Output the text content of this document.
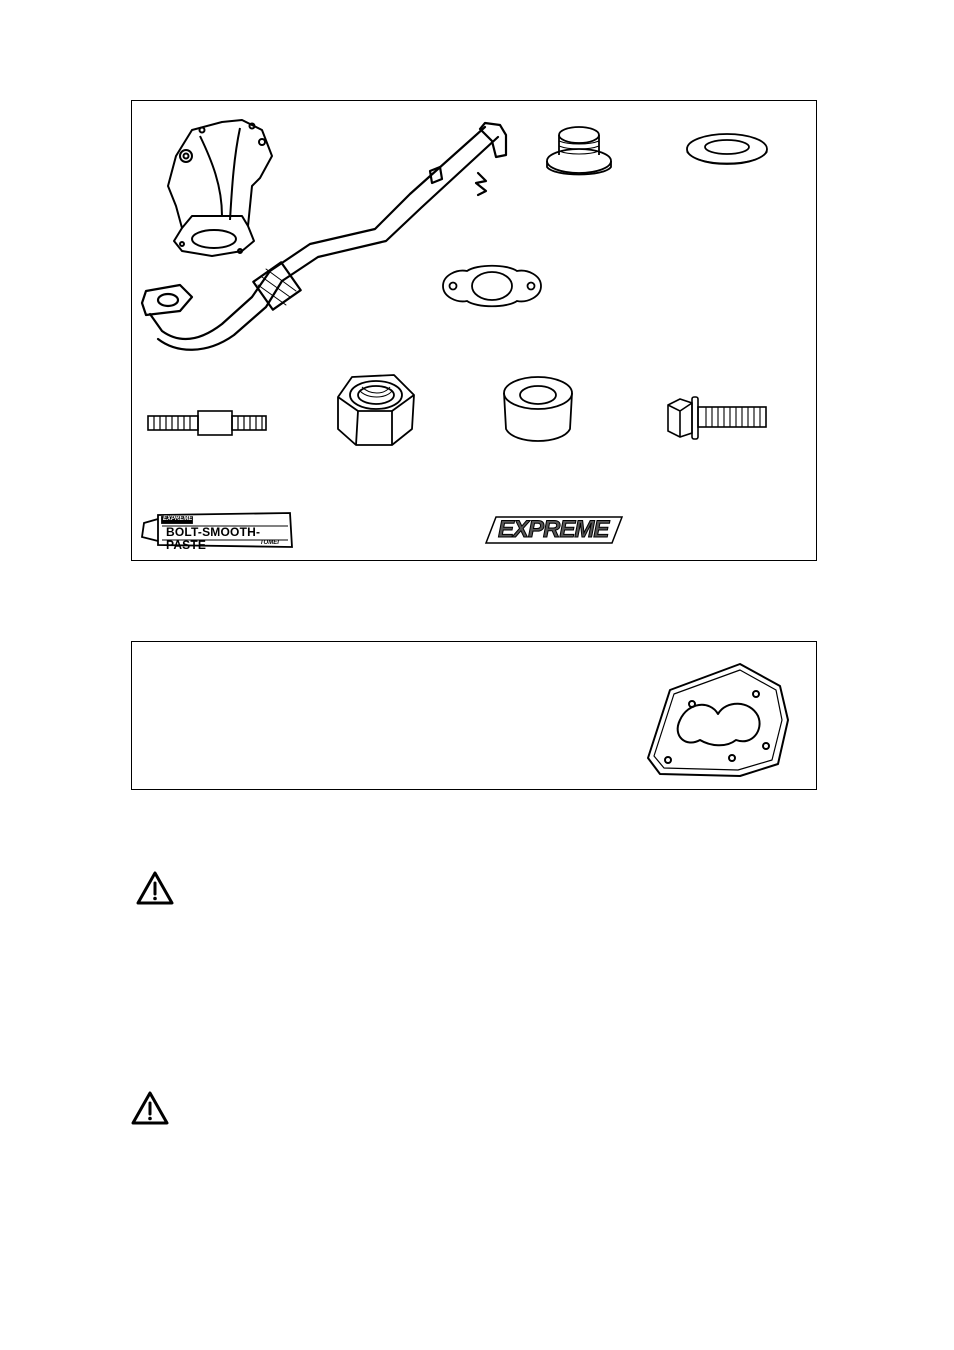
EXPREME
BOLT-SMOOTH-PASTE	TOMEI	EXPREME
